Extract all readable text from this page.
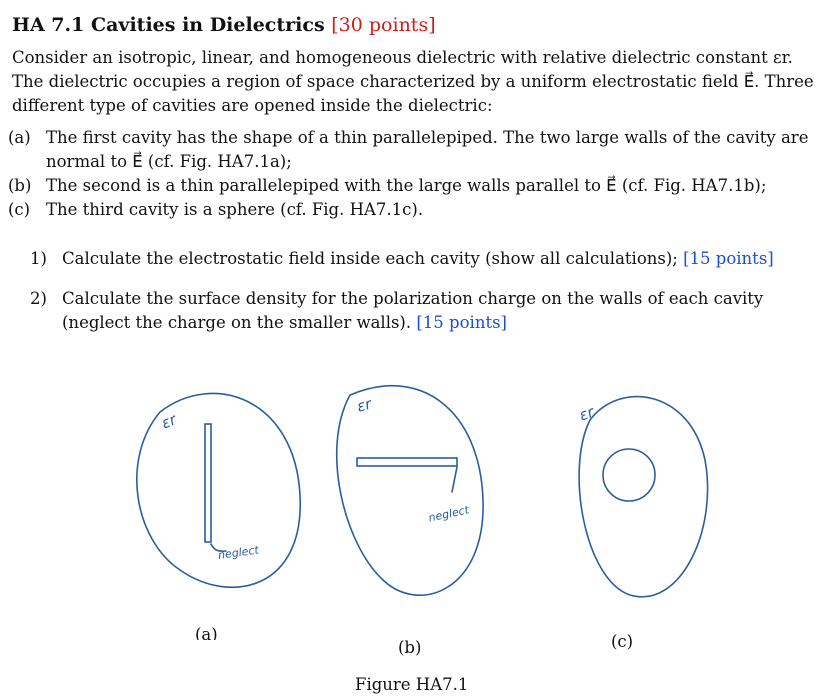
HA 7.1 Cavities in Dielectrics [30 points]
Consider an isotropic, linear, and homogeneous dielectric with relative dielectric constant εr. The dielectric occupies a region of space characterized by a uniform electrostatic field E⃗. Three different type of cavities are opened inside the dielectric:
(a) The first cavity has the shape of a thin parallelepiped. The two large walls of the cavity are normal to E⃗ (cf. Fig. HA7.1a);
(b) The second is a thin parallelepiped with the large walls parallel to E⃗ (cf. Fig. HA7.1b);
(c) The third cavity is a sphere (cf. Fig. HA7.1c).
1) Calculate the electrostatic field inside each cavity (show all calculations); [15 points]
2) Calculate the surface density for the polarization charge on the walls of each cavity (neglect the charge on the smaller walls). [15 points]
εr
εr	εr
neglect
neglect
(a)
(b)	(c)
Figure HA7.1
